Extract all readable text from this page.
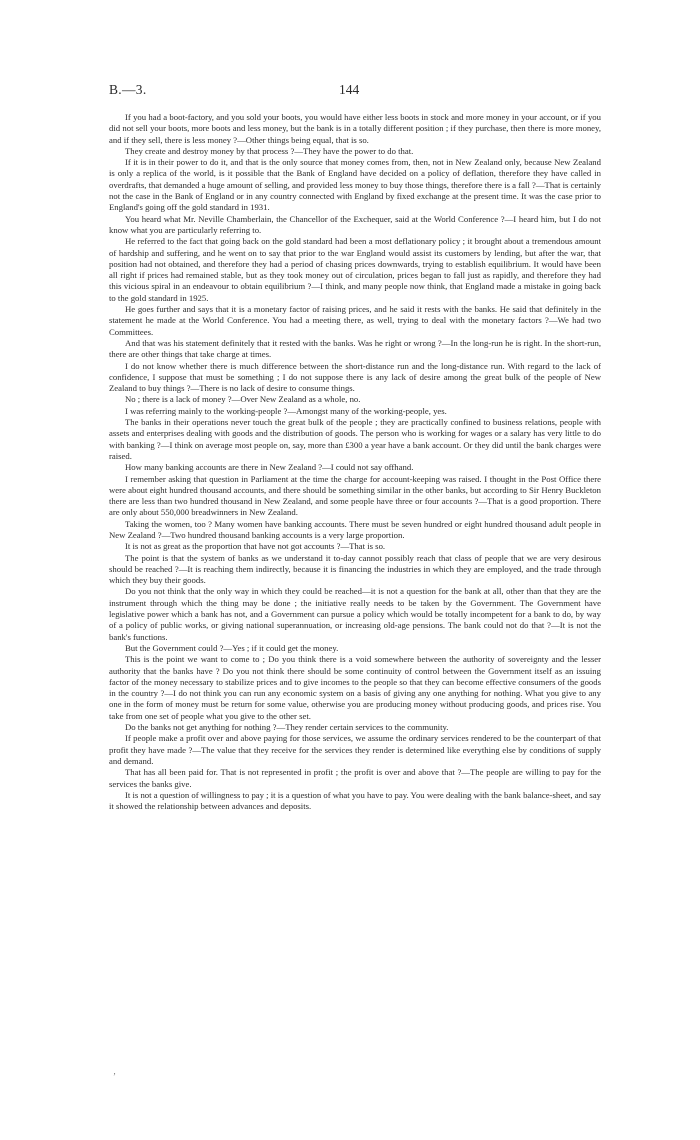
B.—3.	144

If you had a boot-factory, and you sold your boots, you would have either less boots in stock and more money in your account, or if you did not sell your boots, more boots and less money, but the bank is in a totally different position ; if they purchase, then there is more money, and if they sell, there is less money ?—Other things being equal, that is so.

They create and destroy money by that process ?—They have the power to do that.

If it is in their power to do it, and that is the only source that money comes from, then, not in New Zealand only, because New Zealand is only a replica of the world, is it possible that the Bank of England have decided on a policy of deflation, therefore they have called in overdrafts, that demanded a huge amount of selling, and provided less money to buy those things, therefore there is a fall ?—That is certainly not the case in the Bank of England or in any country connected with England by fixed exchange at the present time. It was the case prior to England's going off the gold standard in 1931.

You heard what Mr. Neville Chamberlain, the Chancellor of the Exchequer, said at the World Conference ?—I heard him, but I do not know what you are particularly referring to.

He referred to the fact that going back on the gold standard had been a most deflationary policy ; it brought about a tremendous amount of hardship and suffering, and he went on to say that prior to the war England would assist its customers by lending, but after the war, that position had not obtained, and therefore they had a period of chasing prices downwards, trying to establish equilibrium. It would have been all right if prices had remained stable, but as they took money out of circulation, prices began to fall just as rapidly, and therefore they had this vicious spiral in an endeavour to obtain equilibrium ?—I think, and many people now think, that England made a mistake in going back to the gold standard in 1925.

He goes further and says that it is a monetary factor of raising prices, and he said it rests with the banks. He said that definitely in the statement he made at the World Conference. You had a meeting there, as well, trying to deal with the monetary factors ?—We had two Committees.

And that was his statement definitely that it rested with the banks. Was he right or wrong ?—In the long-run he is right. In the short-run, there are other things that take charge at times.

I do not know whether there is much difference between the short-distance run and the long-distance run. With regard to the lack of confidence, I suppose that must be something ; I do not suppose there is any lack of desire among the great bulk of the people of New Zealand to buy things ?—There is no lack of desire to consume things.

No ; there is a lack of money ?—Over New Zealand as a whole, no.

I was referring mainly to the working-people ?—Amongst many of the working-people, yes.

The banks in their operations never touch the great bulk of the people ; they are practically confined to business relations, people with assets and enterprises dealing with goods and the distribution of goods. The person who is working for wages or a salary has very little to do with banking ?—I think on average most people on, say, more than £300 a year have a bank account. Or they did until the bank charges were raised.

How many banking accounts are there in New Zealand ?—I could not say offhand.

I remember asking that question in Parliament at the time the charge for account-keeping was raised. I thought in the Post Office there were about eight hundred thousand accounts, and there should be something similar in the other banks, but according to Sir Henry Buckleton there are less than two hundred thousand in New Zealand, and some people have three or four accounts ?—That is a good proportion. There are only about 550,000 breadwinners in New Zealand.

Taking the women, too ? Many women have banking accounts. There must be seven hundred or eight hundred thousand adult people in New Zealand ?—Two hundred thousand banking accounts is a very large proportion.

It is not as great as the proportion that have not got accounts ?—That is so.

The point is that the system of banks as we understand it to-day cannot possibly reach that class of people that we are very desirous should be reached ?—It is reaching them indirectly, because it is financing the industries in which they are employed, and the trade through which they buy their goods.

Do you not think that the only way in which they could be reached—it is not a question for the bank at all, other than that they are the instrument through which the thing may be done ; the initiative really needs to be taken by the Government. The Government have legislative power which a bank has not, and a Government can pursue a policy which would be totally incompetent for a bank to do, by way of a policy of public works, or giving national superannuation, or increasing old-age pensions. The bank could not do that ?—It is not the bank's functions.

But the Government could ?—Yes ; if it could get the money.

This is the point we want to come to ; Do you think there is a void somewhere between the authority of sovereignty and the lesser authority that the banks have ? Do you not think there should be some continuity of control between the Government itself as an issuing factor of the money necessary to stabilize prices and to give incomes to the people so that they can become effective consumers of the goods in the country ?—I do not think you can run any economic system on a basis of giving any one anything for nothing. What you give to any one in the form of money must be return for some value, otherwise you are producing money without producing goods, and prices rise. You take from one set of people what you give to the other set.

Do the banks not get anything for nothing ?—They render certain services to the community.

If people make a profit over and above paying for those services, we assume the ordinary services rendered to be the counterpart of that profit they have made ?—The value that they receive for the services they render is determined like everything else by conditions of supply and demand.

That has all been paid for. That is not represented in profit ; the profit is over and above that ?—The people are willing to pay for the services the banks give.

It is not a question of willingness to pay ; it is a question of what you have to pay. You were dealing with the bank balance-sheet, and say it showed the relationship between advances and deposits.

‚
